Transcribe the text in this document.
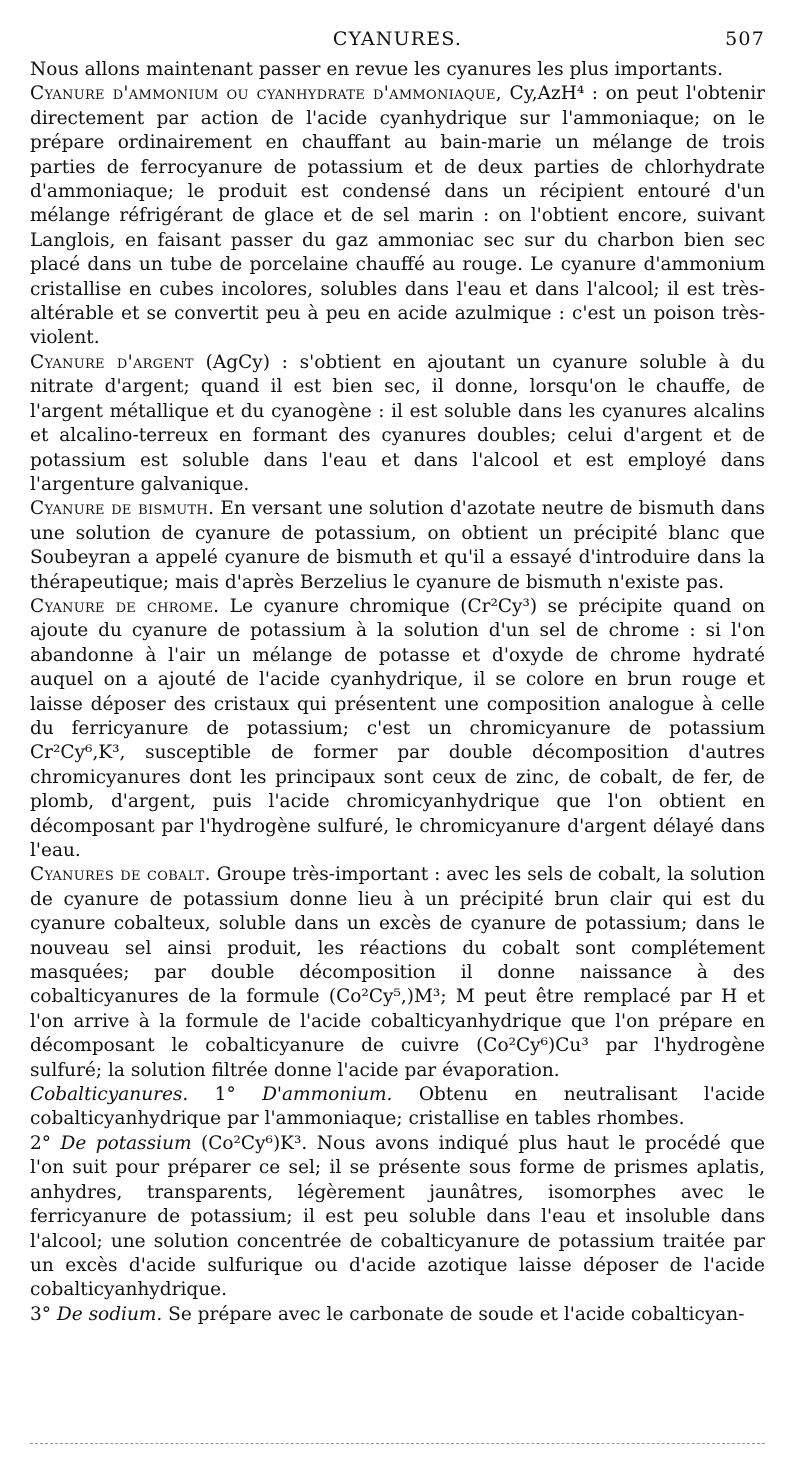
CYANURES.	507

Nous allons maintenant passer en revue les cyanures les plus importants.

Cyanure d'ammonium ou cyanhydrate d'ammoniaque, Cy,AzH⁴ : on peut l'obtenir directement par action de l'acide cyanhydrique sur l'ammoniaque; on le prépare ordinairement en chauffant au bain-marie un mélange de trois parties de ferrocyanure de potassium et de deux parties de chlorhydrate d'ammoniaque; le produit est condensé dans un récipient entouré d'un mélange réfrigérant de glace et de sel marin : on l'obtient encore, suivant Langlois, en faisant passer du gaz ammoniac sec sur du charbon bien sec placé dans un tube de porcelaine chauffé au rouge. Le cyanure d'ammonium cristallise en cubes incolores, solubles dans l'eau et dans l'alcool; il est très-altérable et se convertit peu à peu en acide azulmique : c'est un poison très-violent.

Cyanure d'argent (AgCy) : s'obtient en ajoutant un cyanure soluble à du nitrate d'argent; quand il est bien sec, il donne, lorsqu'on le chauffe, de l'argent métallique et du cyanogène : il est soluble dans les cyanures alcalins et alcalino-terreux en formant des cyanures doubles; celui d'argent et de potassium est soluble dans l'eau et dans l'alcool et est employé dans l'argenture galvanique.

Cyanure de bismuth. En versant une solution d'azotate neutre de bismuth dans une solution de cyanure de potassium, on obtient un précipité blanc que Soubeyran a appelé cyanure de bismuth et qu'il a essayé d'introduire dans la thérapeutique; mais d'après Berzelius le cyanure de bismuth n'existe pas.

Cyanure de chrome. Le cyanure chromique (Cr²Cy³) se précipite quand on ajoute du cyanure de potassium à la solution d'un sel de chrome : si l'on abandonne à l'air un mélange de potasse et d'oxyde de chrome hydraté auquel on a ajouté de l'acide cyanhydrique, il se colore en brun rouge et laisse déposer des cristaux qui présentent une composition analogue à celle du ferricyanure de potassium; c'est un chromicyanure de potassium Cr²Cy⁶,K³, susceptible de former par double décomposition d'autres chromicyanures dont les principaux sont ceux de zinc, de cobalt, de fer, de plomb, d'argent, puis l'acide chromicyanhydrique que l'on obtient en décomposant par l'hydrogène sulfuré, le chromicyanure d'argent délayé dans l'eau.

Cyanures de cobalt. Groupe très-important : avec les sels de cobalt, la solution de cyanure de potassium donne lieu à un précipité brun clair qui est du cyanure cobalteux, soluble dans un excès de cyanure de potassium; dans le nouveau sel ainsi produit, les réactions du cobalt sont complétement masquées; par double décomposition il donne naissance à des cobalticyanures de la formule (Co²Cy⁵,)M³; M peut être remplacé par H et l'on arrive à la formule de l'acide cobalticyanhydrique que l'on prépare en décomposant le cobalticyanure de cuivre (Co²Cy⁶)Cu³ par l'hydrogène sulfuré; la solution filtrée donne l'acide par évaporation.

Cobalticyanures. 1° D'ammonium. Obtenu en neutralisant l'acide cobalticyanhydrique par l'ammoniaque; cristallise en tables rhombes.

2° De potassium (Co²Cy⁶)K³. Nous avons indiqué plus haut le procédé que l'on suit pour préparer ce sel; il se présente sous forme de prismes aplatis, anhydres, transparents, légèrement jaunâtres, isomorphes avec le ferricyanure de potassium; il est peu soluble dans l'eau et insoluble dans l'alcool; une solution concentrée de cobalticyanure de potassium traitée par un excès d'acide sulfurique ou d'acide azotique laisse déposer de l'acide cobalticyanhydrique.

3° De sodium. Se prépare avec le carbonate de soude et l'acide cobalticyan-
